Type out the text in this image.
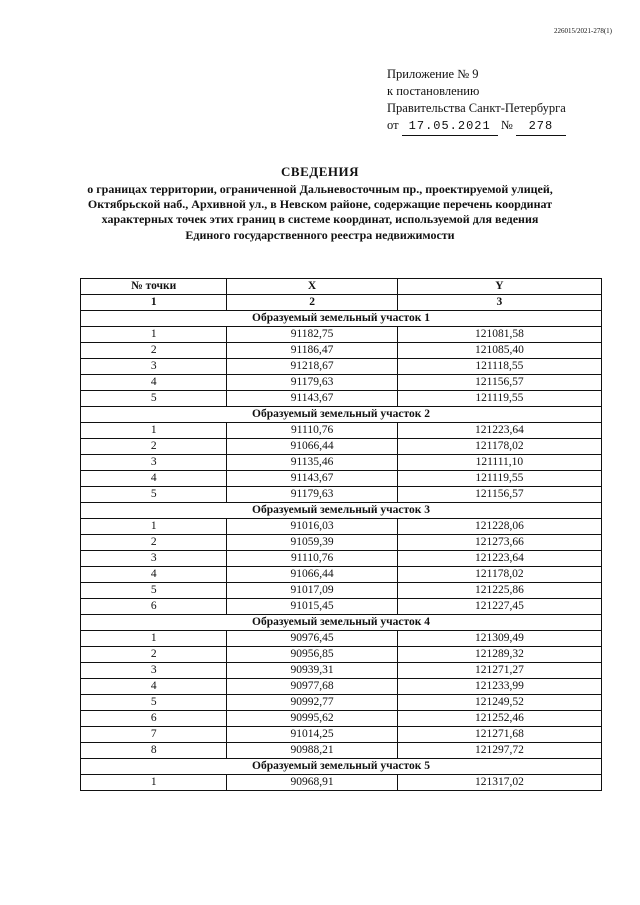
226015/2021-278(1)
Приложение № 9
к постановлению
Правительства Санкт-Петербурга
от 17.05.2021 № 278
СВЕДЕНИЯ
о границах территории, ограниченной Дальневосточным пр., проектируемой улицей,
Октябрьской наб., Архивной ул., в Невском районе, содержащие перечень координат
характерных точек этих границ в системе координат, используемой для ведения
Единого государственного реестра недвижимости
№ точки	X	Y
1	2	3
Образуемый земельный участок 1		
1	91182,75	121081,58
2	91186,47	121085,40
3	91218,67	121118,55
4	91179,63	121156,57
5	91143,67	121119,55
Образуемый земельный участок 2		
1	91110,76	121223,64
2	91066,44	121178,02
3	91135,46	121111,10
4	91143,67	121119,55
5	91179,63	121156,57
Образуемый земельный участок 3		
1	91016,03	121228,06
2	91059,39	121273,66
3	91110,76	121223,64
4	91066,44	121178,02
5	91017,09	121225,86
6	91015,45	121227,45
Образуемый земельный участок 4		
1	90976,45	121309,49
2	90956,85	121289,32
3	90939,31	121271,27
4	90977,68	121233,99
5	90992,77	121249,52
6	90995,62	121252,46
7	91014,25	121271,68
8	90988,21	121297,72
Образуемый земельный участок 5		
1	90968,91	121317,02
